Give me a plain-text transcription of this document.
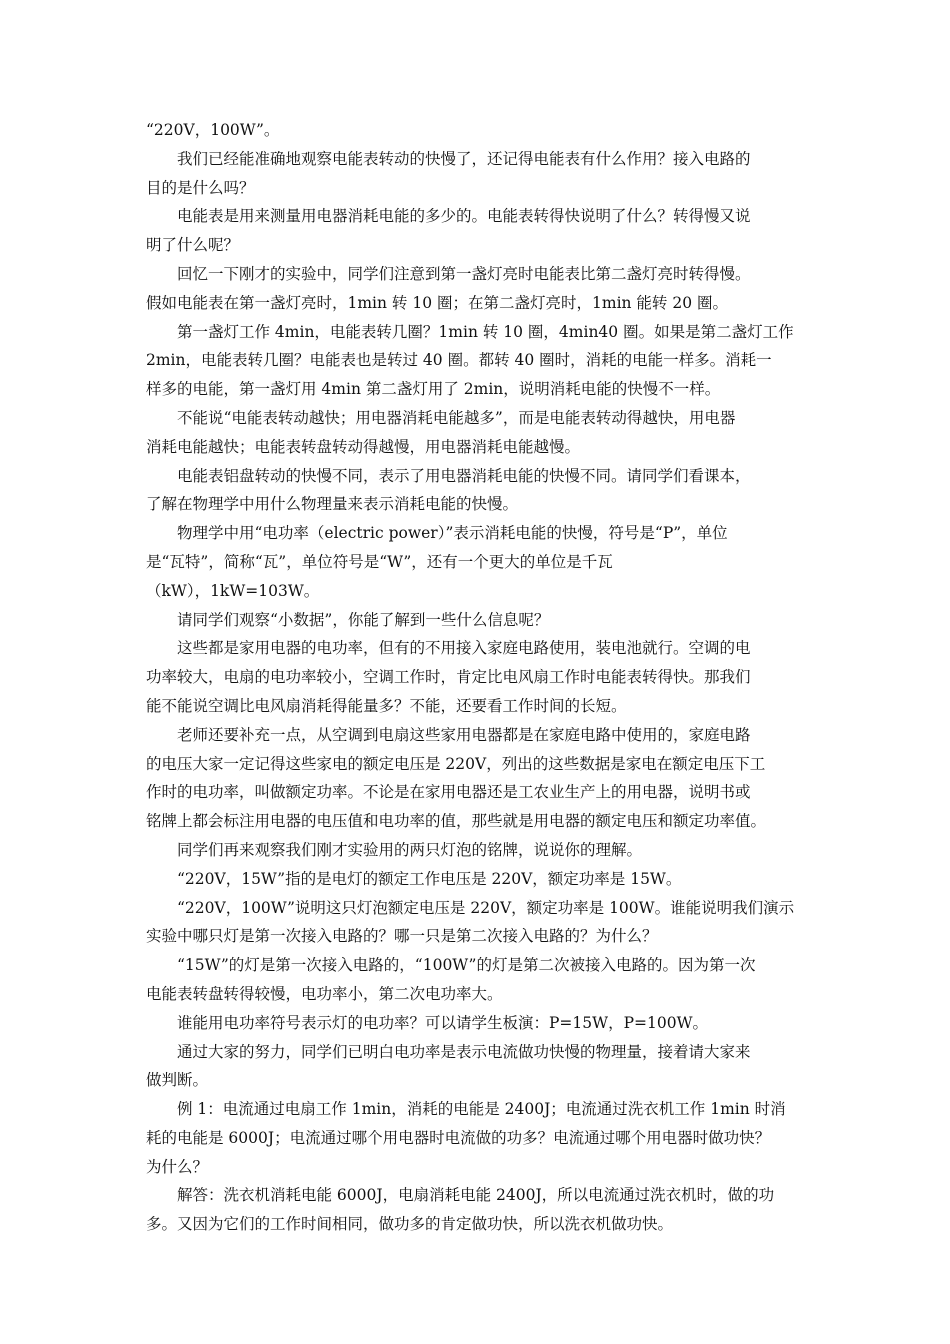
“220V，100W”。
我们已经能准确地观察电能表转动的快慢了，还记得电能表有什么作用？接入电路的
目的是什么吗？
电能表是用来测量用电器消耗电能的多少的。电能表转得快说明了什么？转得慢又说
明了什么呢？
回忆一下刚才的实验中，同学们注意到第一盏灯亮时电能表比第二盏灯亮时转得慢。
假如电能表在第一盏灯亮时，1min 转 10 圈；在第二盏灯亮时，1min 能转 20 圈。
第一盏灯工作 4min，电能表转几圈？1min 转 10 圈，4min40 圈。如果是第二盏灯工作
2min，电能表转几圈？电能表也是转过 40 圈。都转 40 圈时，消耗的电能一样多。消耗一
样多的电能，第一盏灯用 4min 第二盏灯用了 2min，说明消耗电能的快慢不一样。
不能说“电能表转动越快；用电器消耗电能越多”，而是电能表转动得越快，用电器
消耗电能越快；电能表转盘转动得越慢，用电器消耗电能越慢。
电能表铝盘转动的快慢不同，表示了用电器消耗电能的快慢不同。请同学们看课本，
了解在物理学中用什么物理量来表示消耗电能的快慢。
物理学中用“电功率（electric power）”表示消耗电能的快慢，符号是“P”，单位
是“瓦特”，简称“瓦”，单位符号是“W”，还有一个更大的单位是千瓦
（kW），1kW=103W。
请同学们观察“小数据”，你能了解到一些什么信息呢？
这些都是家用电器的电功率，但有的不用接入家庭电路使用，装电池就行。空调的电
功率较大，电扇的电功率较小，空调工作时，肯定比电风扇工作时电能表转得快。那我们
能不能说空调比电风扇消耗得能量多？不能，还要看工作时间的长短。
老师还要补充一点，从空调到电扇这些家用电器都是在家庭电路中使用的，家庭电路
的电压大家一定记得这些家电的额定电压是 220V，列出的这些数据是家电在额定电压下工
作时的电功率，叫做额定功率。不论是在家用电器还是工农业生产上的用电器，说明书或
铭牌上都会标注用电器的电压值和电功率的值，那些就是用电器的额定电压和额定功率值。
同学们再来观察我们刚才实验用的两只灯泡的铭牌，说说你的理解。
“220V，15W”指的是电灯的额定工作电压是 220V，额定功率是 15W。
“220V，100W”说明这只灯泡额定电压是 220V，额定功率是 100W。谁能说明我们演示
实验中哪只灯是第一次接入电路的？哪一只是第二次接入电路的？为什么？
“15W”的灯是第一次接入电路的，“100W”的灯是第二次被接入电路的。因为第一次
电能表转盘转得较慢，电功率小，第二次电功率大。
谁能用电功率符号表示灯的电功率？可以请学生板演：P=15W，P=100W。
通过大家的努力，同学们已明白电功率是表示电流做功快慢的物理量，接着请大家来
做判断。
例 1：电流通过电扇工作 1min，消耗的电能是 2400J；电流通过洗衣机工作 1min 时消
耗的电能是 6000J；电流通过哪个用电器时电流做的功多？电流通过哪个用电器时做功快？
为什么？
解答：洗衣机消耗电能 6000J，电扇消耗电能 2400J，所以电流通过洗衣机时，做的功
多。又因为它们的工作时间相同，做功多的肯定做功快，所以洗衣机做功快。
